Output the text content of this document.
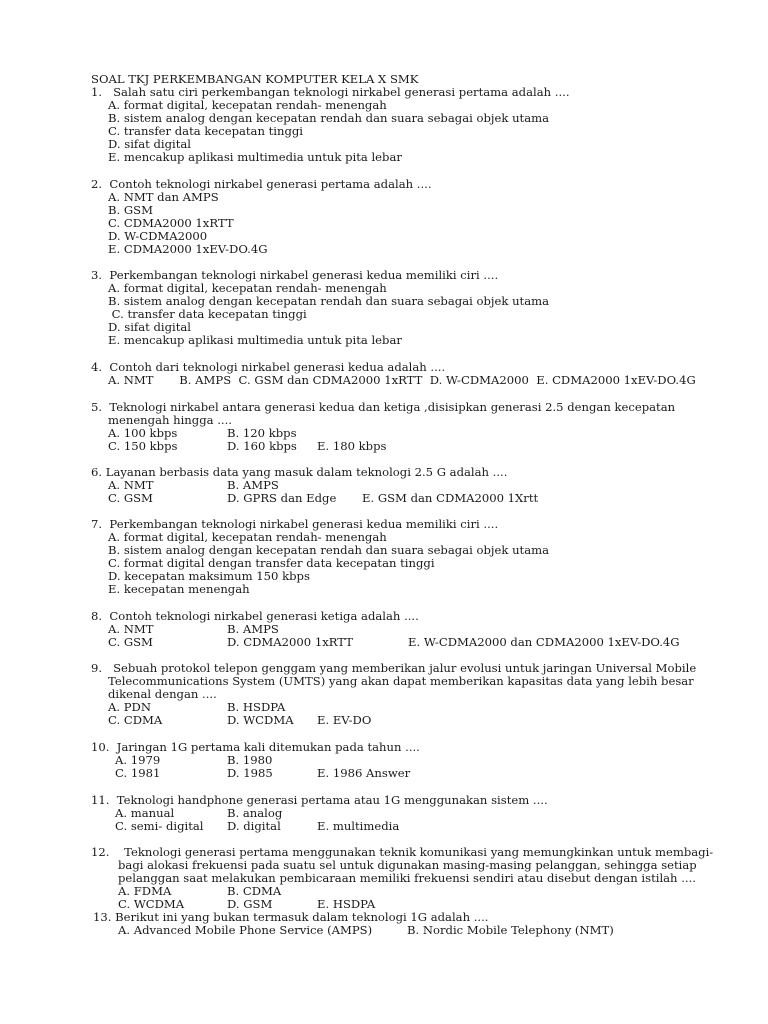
SOAL TKJ PERKEMBANGAN KOMPUTER KELA X SMK
1.   Salah satu ciri perkembangan teknologi nirkabel generasi pertama adalah ....
A. format digital, kecepatan rendah- menengah
B. sistem analog dengan kecepatan rendah dan suara sebagai objek utama
C. transfer data kecepatan tinggi
D. sifat digital
E. mencakup aplikasi multimedia untuk pita lebar
2.  Contoh teknologi nirkabel generasi pertama adalah ....
A. NMT dan AMPS
B. GSM
C. CDMA2000 1xRTT
D. W-CDMA2000
E. CDMA2000 1xEV-DO.4G
3.  Perkembangan teknologi nirkabel generasi kedua memiliki ciri ....
A. format digital, kecepatan rendah- menengah
B. sistem analog dengan kecepatan rendah dan suara sebagai objek utama
C. transfer data kecepatan tinggi
D. sifat digital
E. mencakup aplikasi multimedia untuk pita lebar
4.  Contoh dari teknologi nirkabel generasi kedua adalah ....
A. NMT       B. AMPS  C. GSM dan CDMA2000 1xRTT  D. W-CDMA2000  E. CDMA2000 1xEV-DO.4G
5.  Teknologi nirkabel antara generasi kedua dan ketiga ,disisipkan generasi 2.5 dengan kecepatan
menengah hingga ....
A. 100 kbps	B. 120 kbps
C. 150 kbps	D. 160 kbps E. 180 kbps
6. Layanan berbasis data yang masuk dalam teknologi 2.5 G adalah ....
A. NMT	B. AMPS
C. GSM	D. GPRS dan Edge E. GSM dan CDMA2000 1Xrtt
7.  Perkembangan teknologi nirkabel generasi kedua memiliki ciri ....
A. format digital, kecepatan rendah- menengah
B. sistem analog dengan kecepatan rendah dan suara sebagai objek utama
C. format digital dengan transfer data kecepatan tinggi
D. kecepatan maksimum 150 kbps
E. kecepatan menengah
8.  Contoh teknologi nirkabel generasi ketiga adalah ....
A. NMT	B. AMPS
C. GSM	D. CDMA2000 1xRTT	E. W-CDMA2000 dan CDMA2000 1xEV-DO.4G
9.   Sebuah protokol telepon genggam yang memberikan jalur evolusi untuk jaringan Universal Mobile
Telecommunications System (UMTS) yang akan dapat memberikan kapasitas data yang lebih besar
dikenal dengan ....
A. PDN	B. HSDPA
C. CDMA	D. WCDMA E. EV-DO
10.  Jaringan 1G pertama kali ditemukan pada tahun ....
A. 1979	B. 1980
C. 1981	D. 1985	E. 1986 Answer
11.  Teknologi handphone generasi pertama atau 1G menggunakan sistem ....
A. manual	B. analog
C. semi- digital D. digital	E. multimedia
12.    Teknologi generasi pertama menggunakan teknik komunikasi yang memungkinkan untuk membagi-
bagi alokasi frekuensi pada suatu sel untuk digunakan masing-masing pelanggan, sehingga setiap
pelanggan saat melakukan pembicaraan memiliki frekuensi sendiri atau disebut dengan istilah ....
A. FDMA	B. CDMA
C. WCDMA	D. GSM	E. HSDPA
13. Berikut ini yang bukan termasuk dalam teknologi 1G adalah ....
A. Advanced Mobile Phone Service (AMPS)	B. Nordic Mobile Telephony (NMT)
